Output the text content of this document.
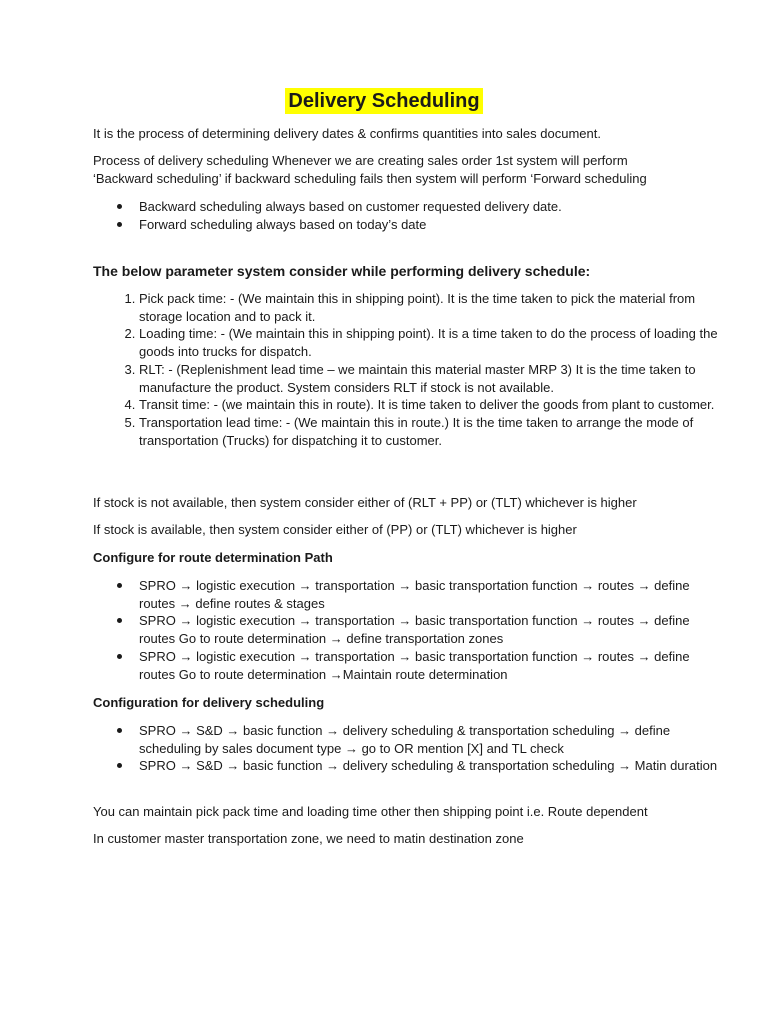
Delivery Scheduling
It is the process of determining delivery dates & confirms quantities into sales document.
Process of delivery scheduling Whenever we are creating sales order 1st system will perform ‘Backward scheduling’ if backward scheduling fails then system will perform ‘Forward scheduling
Backward scheduling always based on customer requested delivery date.
Forward scheduling always based on today’s date
The below parameter system consider while performing delivery schedule:
1. Pick pack time: - (We maintain this in shipping point). It is the time taken to pick the material from storage location and to pack it.
2. Loading time: - (We maintain this in shipping point). It is a time taken to do the process of loading the goods into trucks for dispatch.
3. RLT: - (Replenishment lead time – we maintain this material master MRP 3) It is the time taken to manufacture the product. System considers RLT if stock is not available.
4. Transit time: - (we maintain this in route). It is time taken to deliver the goods from plant to customer.
5. Transportation lead time: - (We maintain this in route.) It is the time taken to arrange the mode of transportation (Trucks) for dispatching it to customer.
If stock is not available, then system consider either of (RLT + PP) or (TLT) whichever is higher
If stock is available, then system consider either of (PP) or (TLT) whichever is higher
Configure for route determination Path
SPRO → logistic execution → transportation → basic transportation function → routes → define routes → define routes & stages
SPRO → logistic execution → transportation → basic transportation function → routes → define routes Go to route determination → define transportation zones
SPRO → logistic execution → transportation → basic transportation function → routes → define routes Go to route determination →Maintain route determination
Configuration for delivery scheduling
SPRO → S&D → basic function → delivery scheduling & transportation scheduling → define scheduling by sales document type → go to OR mention [X] and TL check
SPRO → S&D → basic function → delivery scheduling & transportation scheduling → Matin duration
You can maintain pick pack time and loading time other then shipping point i.e. Route dependent
In customer master transportation zone, we need to matin destination zone
